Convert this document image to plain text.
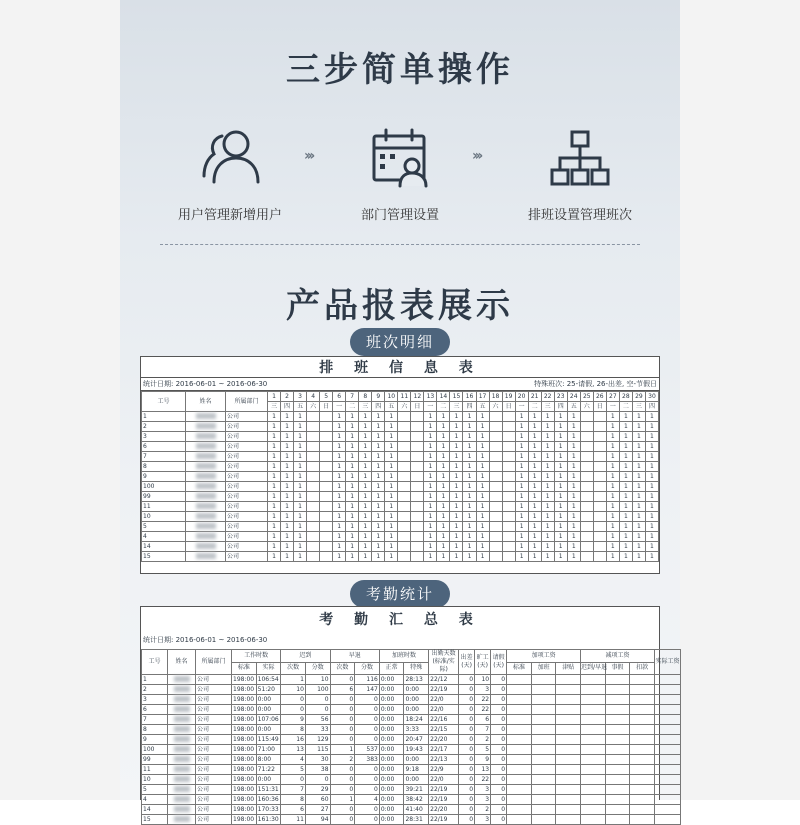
三步简单操作
用户管理新增用户
›››
部门管理设置
›››
排班设置管理班次
产品报表展示
班次明细
排 班 信 息 表
统计日期: 2016-06-01 ~ 2016-06-30	特殊班次: 25-请假, 26-出差, 空-节假日
工号	姓名	所属部门	1	2	3	4	5	6	7	8	9	10	11	12	13	14	15	16	17	18	19	20	21	22	23	24	25	26	27	28	29	30
			三	四	五	六	日	一	二	三	四	五	六	日	一	二	三	四	五	六	日	一	二	三	四	五	六	日	一	二	三	四
1		公司	1	1	1			1	1	1	1	1			1	1	1	1	1			1	1	1	1	1			1	1	1	1
2		公司	1	1	1			1	1	1	1	1			1	1	1	1	1			1	1	1	1	1			1	1	1	1
3		公司	1	1	1			1	1	1	1	1			1	1	1	1	1			1	1	1	1	1			1	1	1	1
6		公司	1	1	1			1	1	1	1	1			1	1	1	1	1			1	1	1	1	1			1	1	1	1
7		公司	1	1	1			1	1	1	1	1			1	1	1	1	1			1	1	1	1	1			1	1	1	1
8		公司	1	1	1			1	1	1	1	1			1	1	1	1	1			1	1	1	1	1			1	1	1	1
9		公司	1	1	1			1	1	1	1	1			1	1	1	1	1			1	1	1	1	1			1	1	1	1
100		公司	1	1	1			1	1	1	1	1			1	1	1	1	1			1	1	1	1	1			1	1	1	1
99		公司	1	1	1			1	1	1	1	1			1	1	1	1	1			1	1	1	1	1			1	1	1	1
11		公司	1	1	1			1	1	1	1	1			1	1	1	1	1			1	1	1	1	1			1	1	1	1
10		公司	1	1	1			1	1	1	1	1			1	1	1	1	1			1	1	1	1	1			1	1	1	1
5		公司	1	1	1			1	1	1	1	1			1	1	1	1	1			1	1	1	1	1			1	1	1	1
4		公司	1	1	1			1	1	1	1	1			1	1	1	1	1			1	1	1	1	1			1	1	1	1
14		公司	1	1	1			1	1	1	1	1			1	1	1	1	1			1	1	1	1	1			1	1	1	1
15		公司	1	1	1			1	1	1	1	1			1	1	1	1	1			1	1	1	1	1			1	1	1	1
考勤统计
考 勤 汇 总 表
统计日期: 2016-06-01 ~ 2016-06-30
工号	姓名	所属部门	工作时数		迟到		早退		加班时数		出勤天数(标准/实际)	出差(天)	旷工(天)	请假(天)	加项工资			减项工资			实际工资
			标准	实际	次数	分数	次数	分数	正常	特殊					标准	加班	津贴	迟到/早退	事假	扣款	
1		公司	198:00	106:54	1	10	0	116	0:00	28:13	22/12	0	10	0							
2		公司	198:00	51:20	10	100	6	147	0:00	0:00	22/19	0	3	0							
3		公司	198:00	0:00	0	0	0	0	0:00	0:00	22/0	0	22	0							
6		公司	198:00	0:00	0	0	0	0	0:00	0:00	22/0	0	22	0							
7		公司	198:00	107:06	9	56	0	0	0:00	18:24	22/16	0	6	0							
8		公司	198:00	0:00	8	33	0	0	0:00	3:33	22/15	0	7	0							
9		公司	198:00	115:49	16	129	0	0	0:00	20:47	22/20	0	2	0							
100		公司	198:00	71:00	13	115	1	537	0:00	19:43	22/17	0	5	0							
99		公司	198:00	8:00	4	30	2	383	0:00	0:00	22/13	0	9	0							
11		公司	198:00	71:22	5	38	0	0	0:00	9:18	22/9	0	13	0							
10		公司	198:00	0:00	0	0	0	0	0:00	0:00	22/0	0	22	0							
5		公司	198:00	151:31	7	29	0	0	0:00	39:21	22/19	0	3	0							
4		公司	198:00	160:36	8	60	1	4	0:00	38:42	22/19	0	3	0							
14		公司	198:00	170:33	6	27	0	0	0:00	41:40	22/20	0	2	0							
15		公司	198:00	161:30	11	94	0	0	0:00	28:31	22/19	0	3	0							
